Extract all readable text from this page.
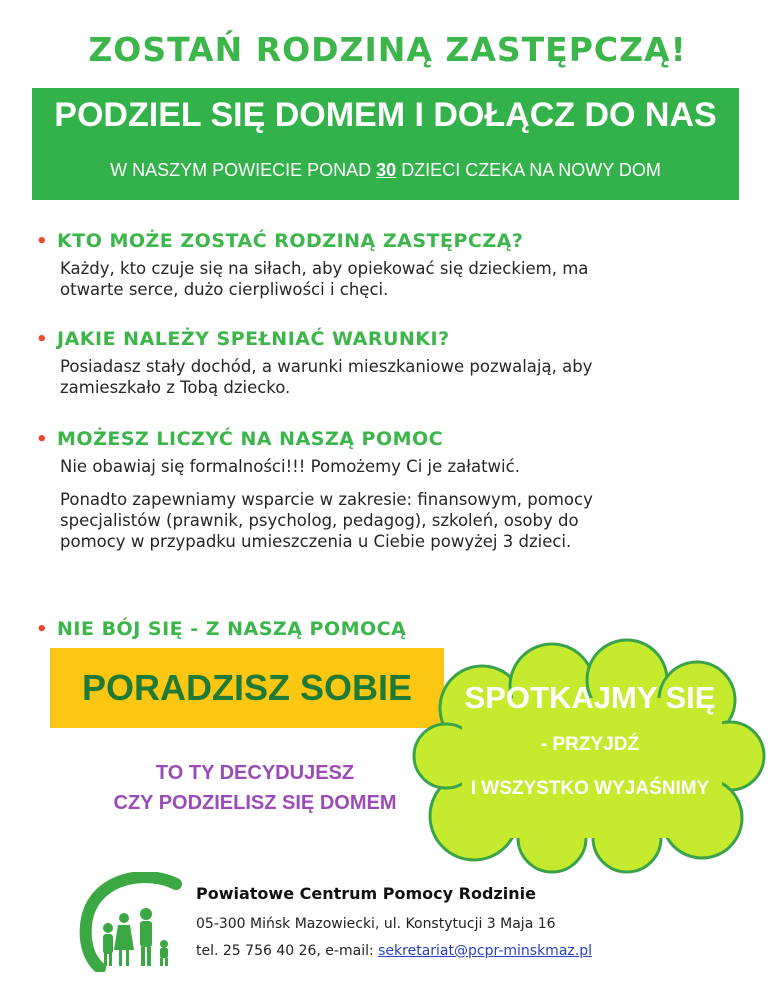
ZOSTAŃ RODZINĄ ZASTĘPCZĄ!
PODZIEL SIĘ DOMEM I DOŁĄCZ DO NAS
W NASZYM POWIECIE PONAD 30 DZIECI CZEKA NA NOWY DOM
• KTO MOŻE ZOSTAĆ RODZINĄ ZASTĘPCZĄ?

Każdy, kto czuje się na siłach, aby opiekować się dzieckiem, ma otwarte serce, dużo cierpliwości i chęci.

• JAKIE NALEŻY SPEŁNIAĆ WARUNKI?

Posiadasz stały dochód, a warunki mieszkaniowe pozwalają, aby zamieszkało z Tobą dziecko.

• MOŻESZ LICZYĆ NA NASZĄ POMOC

Nie obawiaj się formalności!!! Pomożemy Ci je załatwić.

Ponadto zapewniamy wsparcie w zakresie: finansowym, pomocy specjalistów (prawnik, psycholog, pedagog), szkoleń, osoby do pomocy w przypadku umieszczenia u Ciebie powyżej 3 dzieci.

• NIE BÓJ SIĘ - Z NASZĄ POMOCĄ
PORADZISZ SOBIE
TO TY DECYDUJESZ
CZY PODZIELISZ SIĘ DOMEM
SPOTKAJMY SIĘ
- PRZYJDŹ
I WSZYSTKO WYJAŚNIMY
Powiatowe Centrum Pomocy Rodzinie
05-300 Mińsk Mazowiecki, ul. Konstytucji 3 Maja 16
tel. 25 756 40 26, e-mail: sekretariat@pcpr-minskmaz.pl
